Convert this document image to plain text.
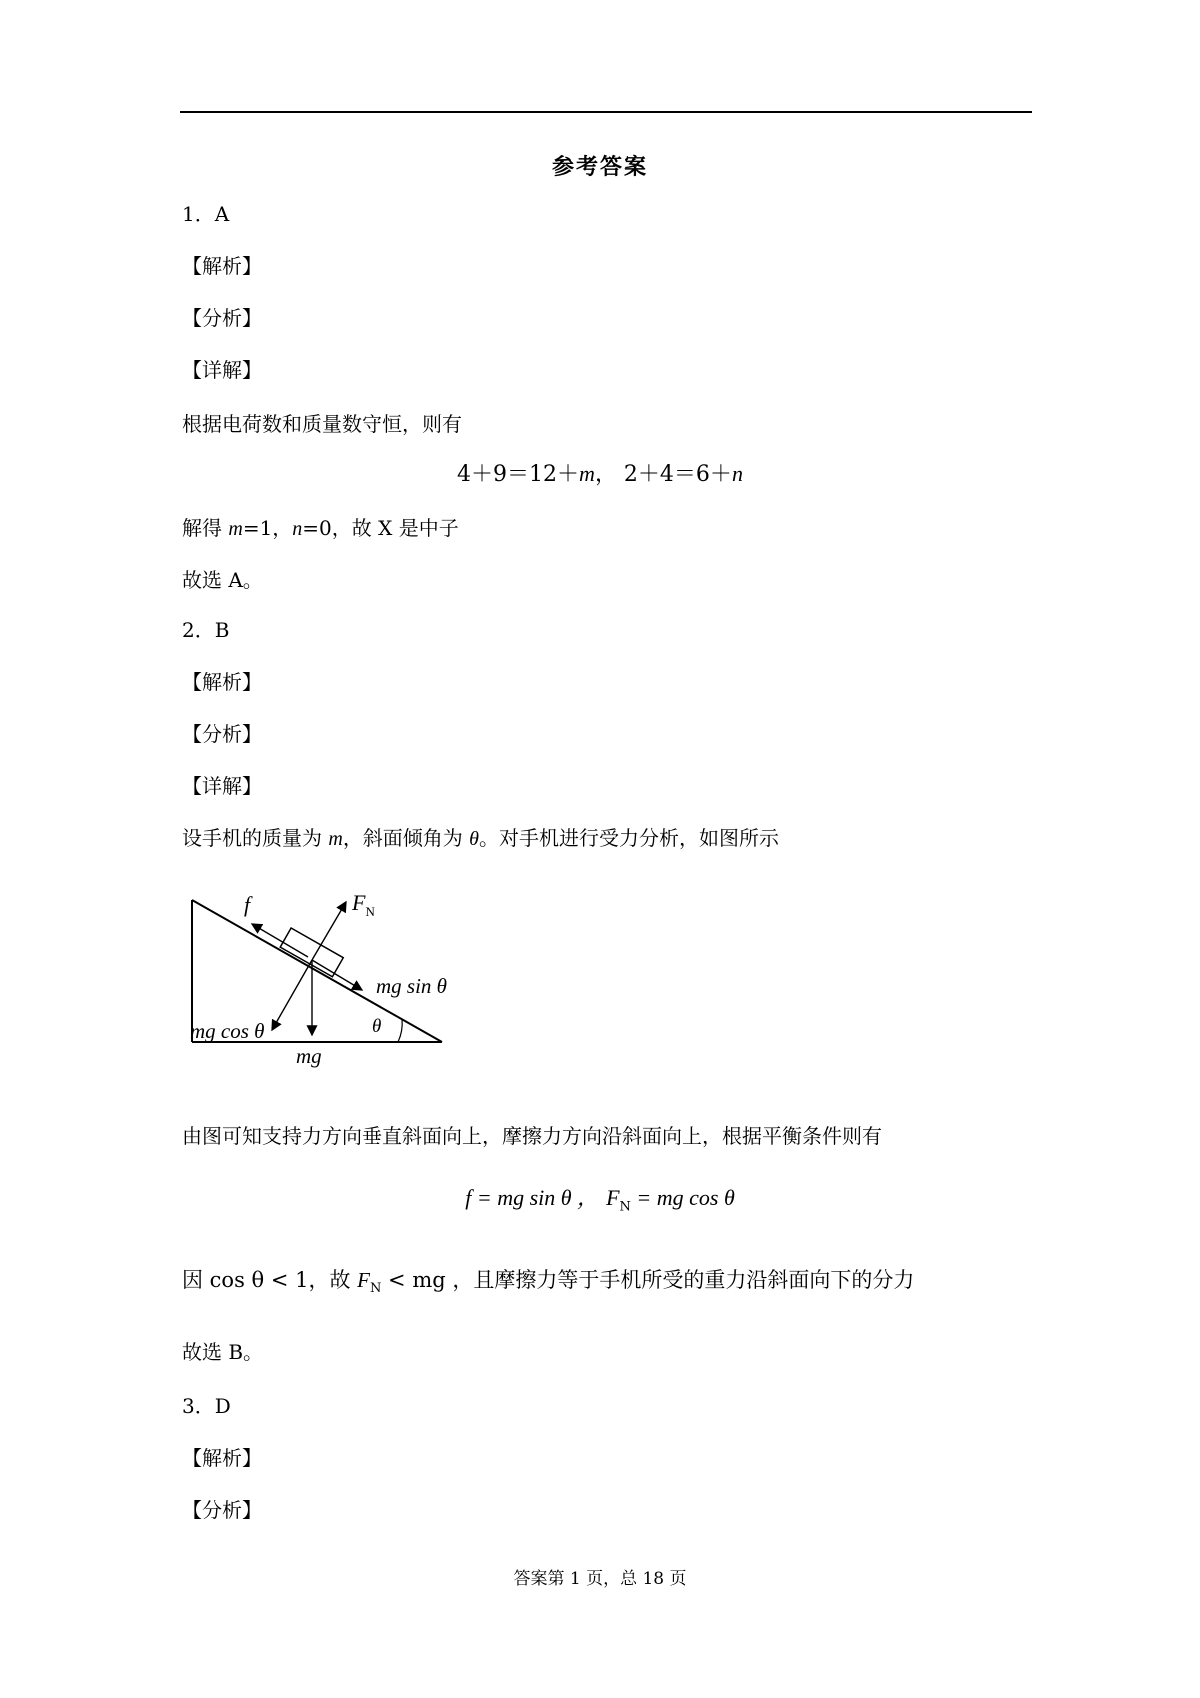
参考答案
1．A
【解析】
【分析】
【详解】
根据电荷数和质量数守恒，则有
4＋9＝12＋m， 2＋4＝6＋n
解得 m=1，n=0，故 X 是中子
故选 A。
2．B
【解析】
【分析】
【详解】
设手机的质量为 m，斜面倾角为 θ。对手机进行受力分析，如图所示
f	$F_N$
mg sin θ
θ
mg cos θ
mg
由图可知支持力方向垂直斜面向上，摩擦力方向沿斜面向上，根据平衡条件则有
f = mg sin θ ， $F_N$ = mg cos θ
因 cos θ < 1，故 $F_N$ < mg ，且摩擦力等于手机所受的重力沿斜面向下的分力
故选 B。
3．D
【解析】
【分析】
答案第 1 页，总 18 页
